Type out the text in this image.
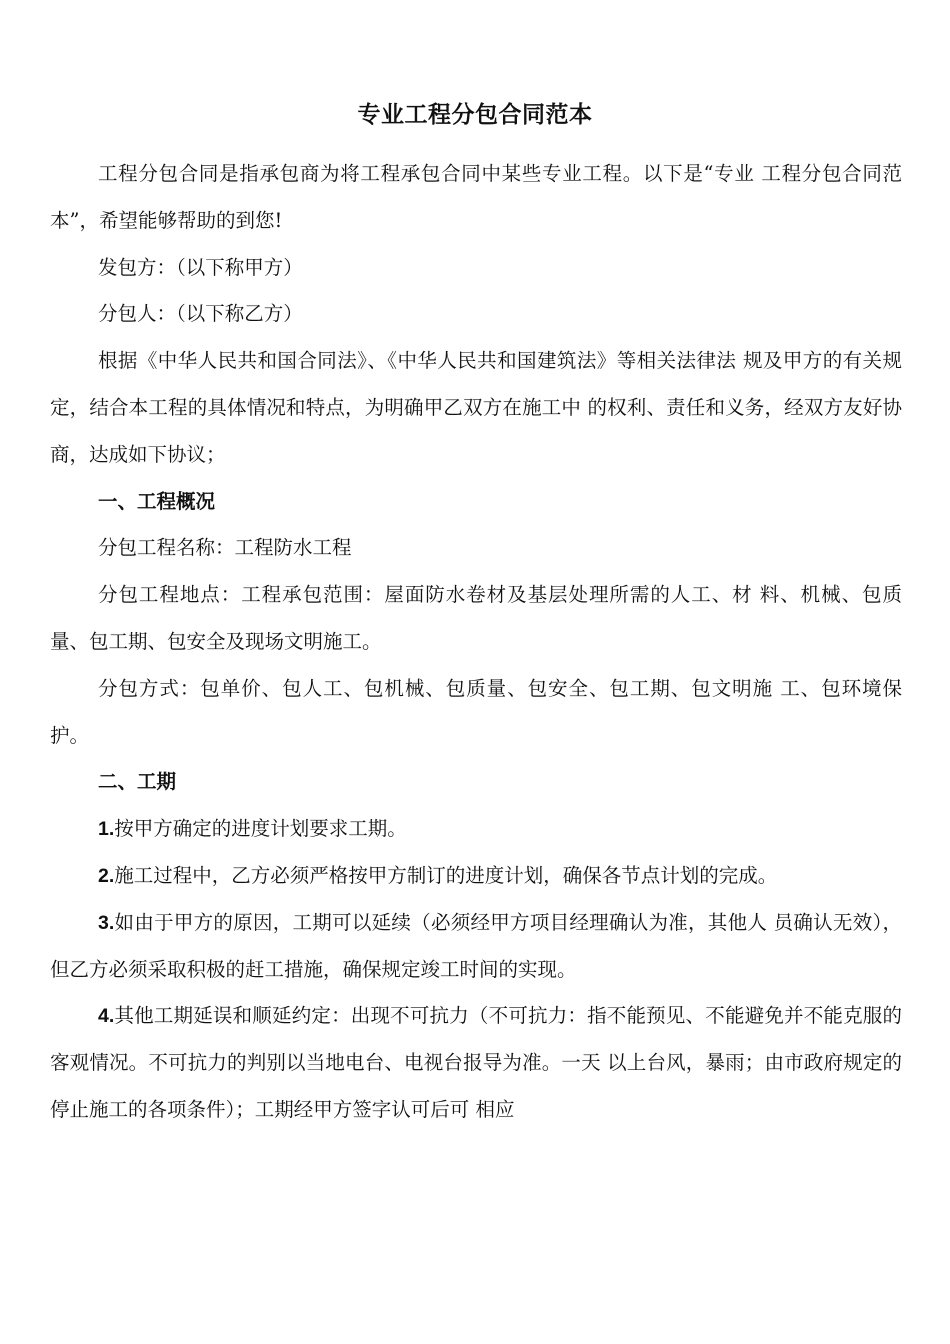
专业工程分包合同范本

工程分包合同是指承包商为将工程承包合同中某些专业工程。以下是“专业 工程分包合同范本”，希望能够帮助的到您!

发包方：（以下称甲方）

分包人：（以下称乙方）

根据《中华人民共和国合同法》、《中华人民共和国建筑法》等相关法律法 规及甲方的有关规定，结合本工程的具体情况和特点，为明确甲乙双方在施工中 的权利、责任和义务，经双方友好协商，达成如下协议；

一、工程概况

分包工程名称：工程防水工程

分包工程地点：工程承包范围：屋面防水卷材及基层处理所需的人工、材 料、机械、包质量、包工期、包安全及现场文明施工。

分包方式：包单价、包人工、包机械、包质量、包安全、包工期、包文明施 工、包环境保护。

二、工期

1.按甲方确定的进度计划要求工期。

2.施工过程中，乙方必须严格按甲方制订的进度计划，确保各节点计划的完成。

3.如由于甲方的原因，工期可以延续（必须经甲方项目经理确认为准，其他人 员确认无效），但乙方必须采取积极的赶工措施，确保规定竣工时间的实现。

4.其他工期延误和顺延约定：出现不可抗力（不可抗力：指不能预见、不能避免并不能克服的客观情况。不可抗力的判别以当地电台、电视台报导为准。一天 以上台风，暴雨；由市政府规定的停止施工的各项条件）；工期经甲方签字认可后可 相应
